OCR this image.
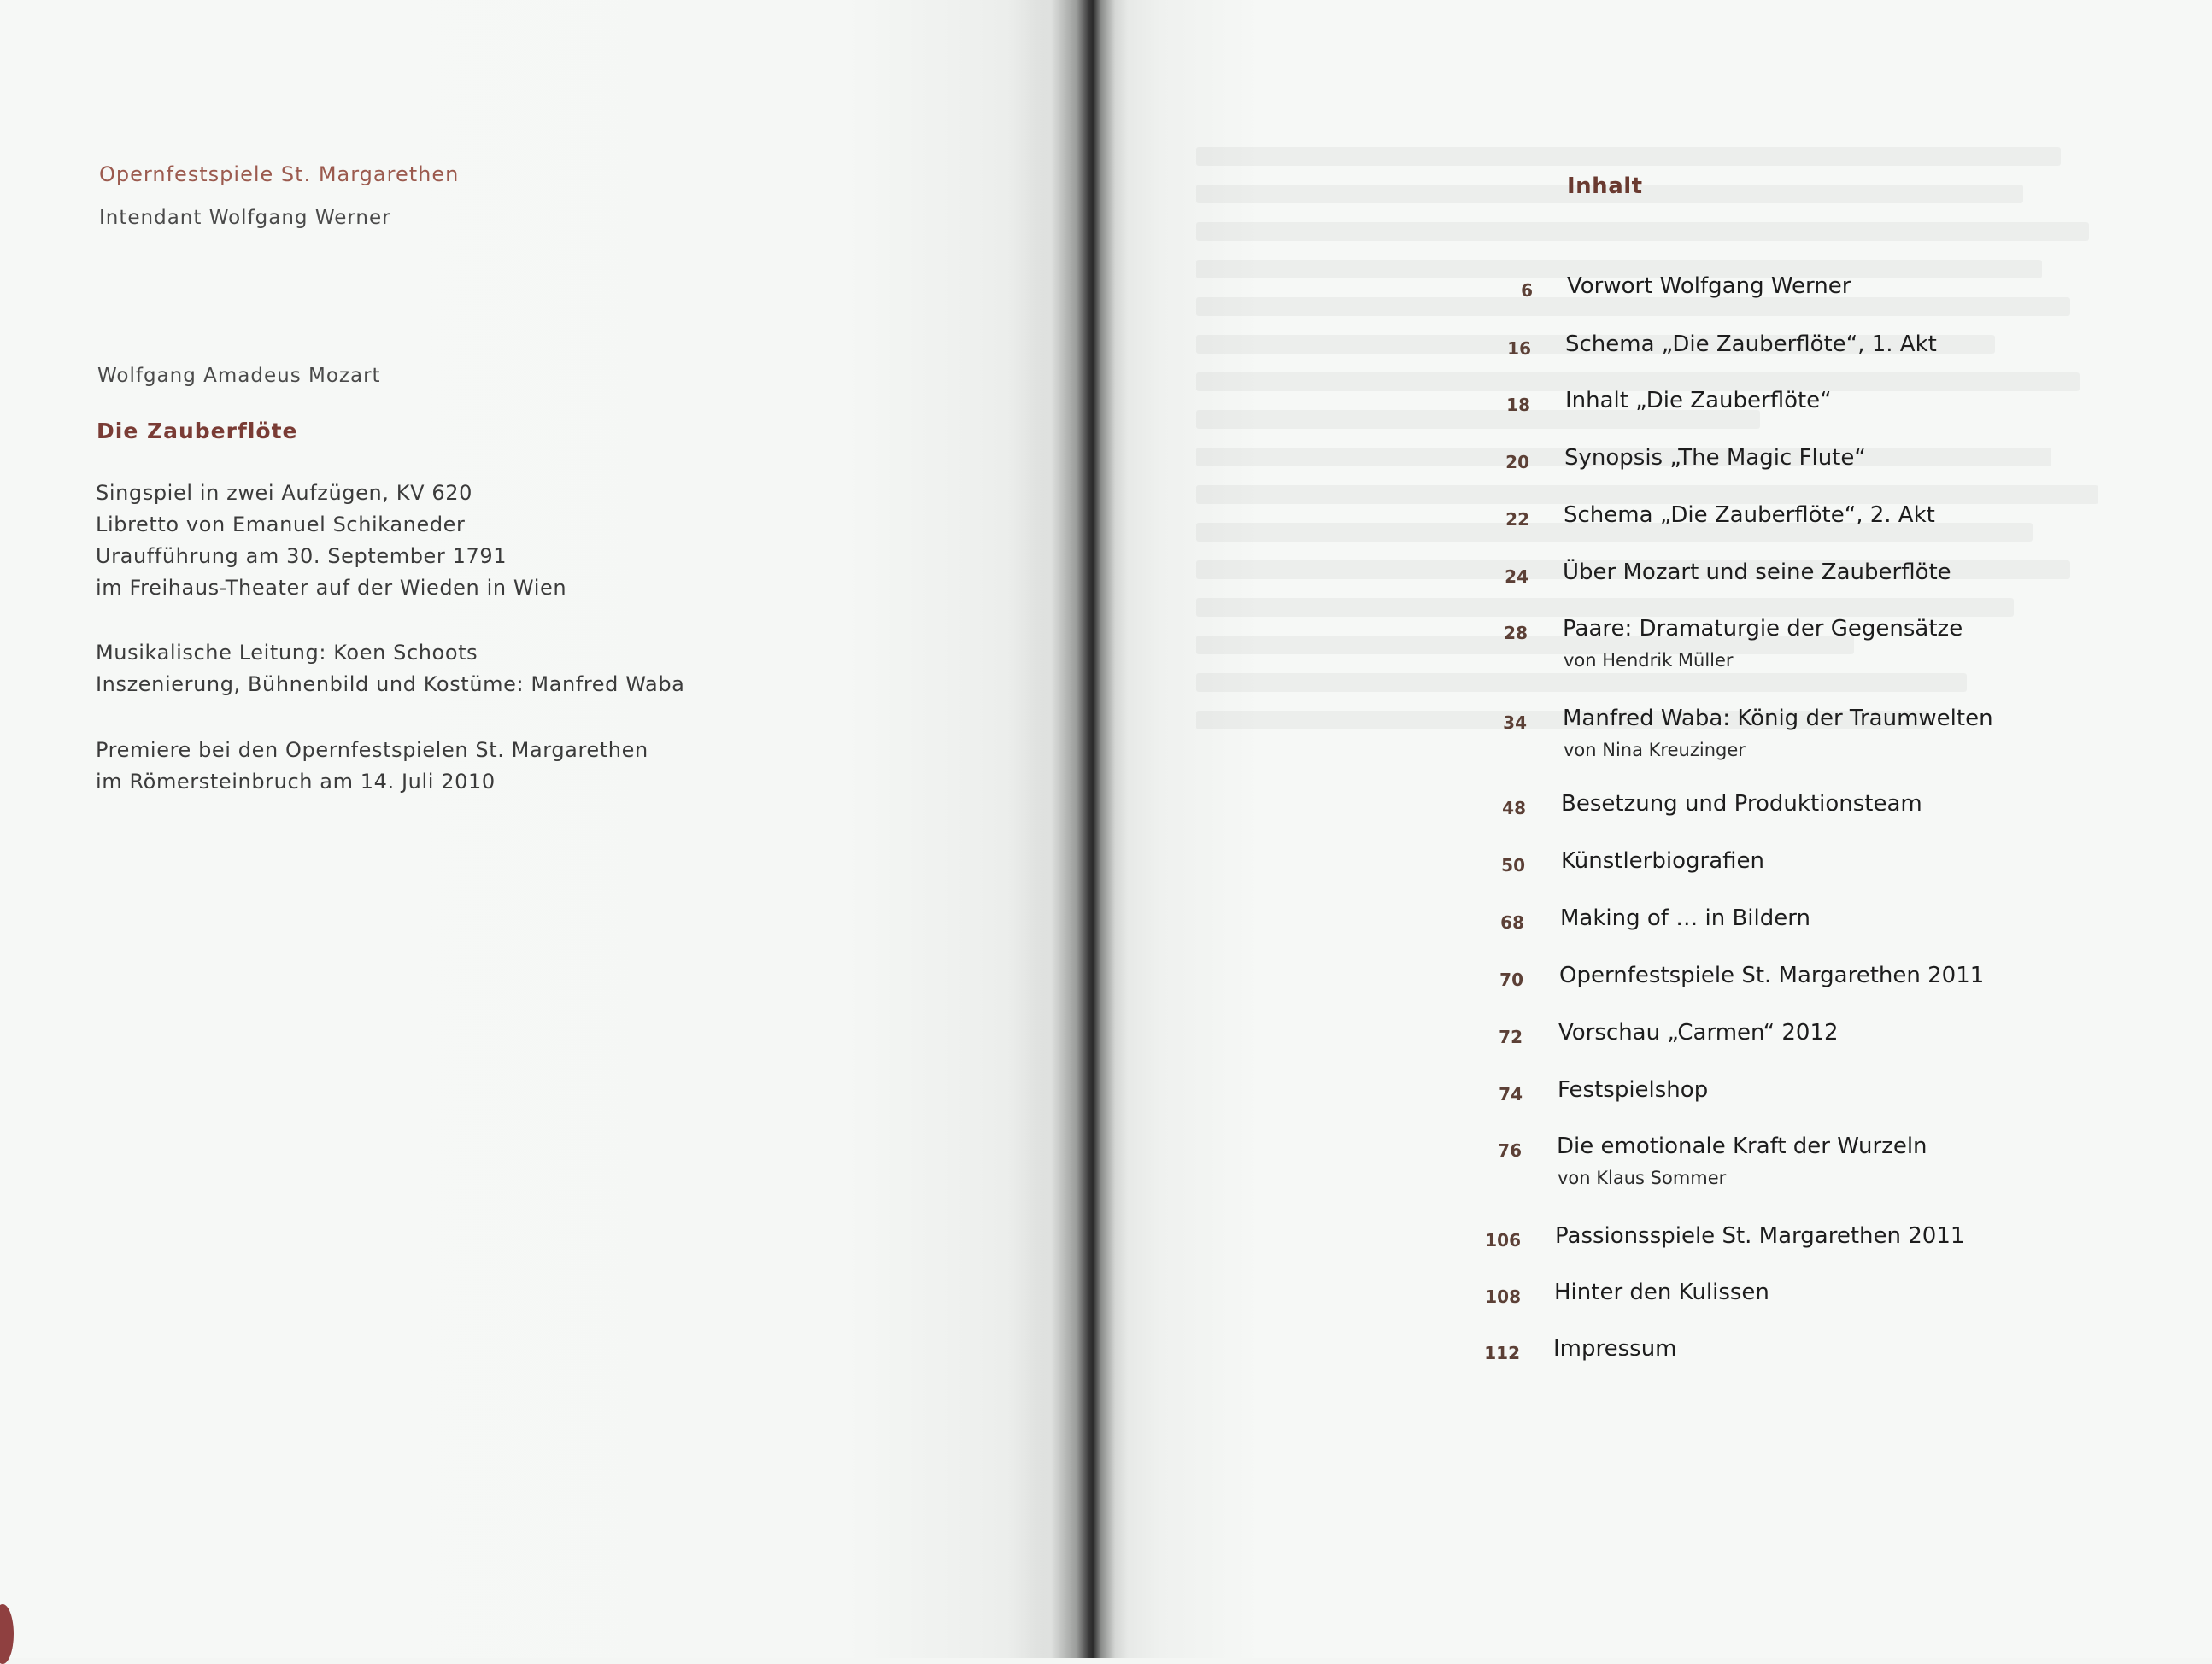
Opernfestspiele St. Margarethen
Intendant Wolfgang Werner
Wolfgang Amadeus Mozart
Die Zauberflöte
Singspiel in zwei Aufzügen, KV 620
Libretto von Emanuel Schikaneder
Uraufführung am 30. September 1791
im Freihaus-Theater auf der Wieden in Wien
Musikalische Leitung: Koen Schoots
Inszenierung, Bühnenbild und Kostüme: Manfred Waba
Premiere bei den Opernfestspielen St. Margarethen
im Römersteinbruch am 14. Juli 2010
Inhalt
6 Vorwort Wolfgang Werner
16 Schema „Die Zauberflöte“, 1. Akt
18 Inhalt „Die Zauberflöte“
20 Synopsis „The Magic Flute“
22 Schema „Die Zauberflöte“, 2. Akt
24 Über Mozart und seine Zauberflöte
28 Paare: Dramaturgie der Gegensätze
von Hendrik Müller
34 Manfred Waba: König der Traumwelten
von Nina Kreuzinger
48 Besetzung und Produktionsteam
50 Künstlerbiografien
68 Making of … in Bildern
70 Opernfestspiele St. Margarethen 2011
72 Vorschau „Carmen“ 2012
74 Festspielshop
76 Die emotionale Kraft der Wurzeln
von Klaus Sommer
106 Passionsspiele St. Margarethen 2011
108 Hinter den Kulissen
112 Impressum
